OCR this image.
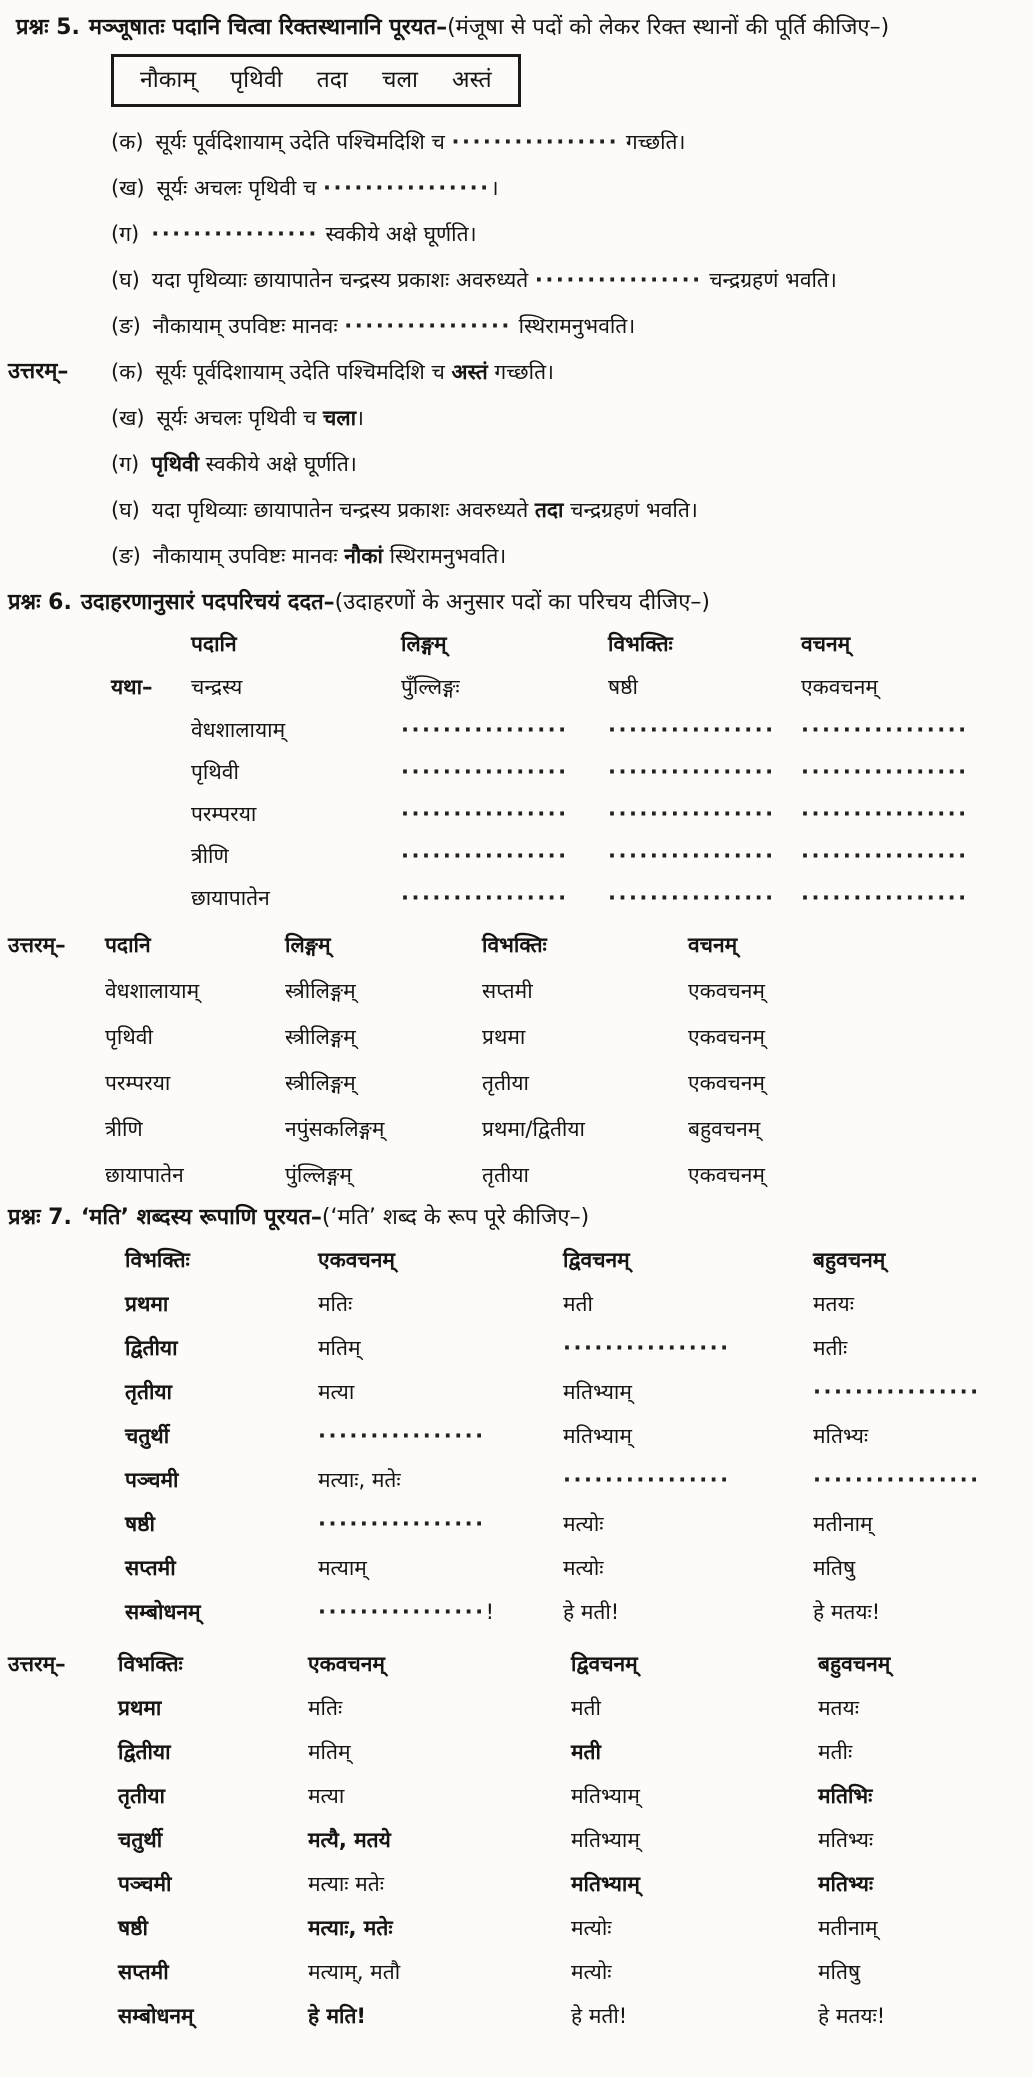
प्रश्नः 5. मञ्जूषातः पदानि चित्वा रिक्तस्थानानि पूरयत–(मंजूषा से पदों को लेकर रिक्त स्थानों की पूर्ति कीजिए–)
नौकाम् पृथिवी तदा चला अस्तं
(क) सूर्यः पूर्वदिशायाम् उदेति पश्चिमदिशि च ················ गच्छति।
(ख) सूर्यः अचलः पृथिवी च ················।
(ग) ················ स्वकीये अक्षे घूर्णति।
(घ) यदा पृथिव्याः छायापातेन चन्द्रस्य प्रकाशः अवरुध्यते ················ चन्द्रग्रहणं भवति।
(ङ) नौकायाम् उपविष्टः मानवः ················ स्थिरामनुभवति।
उत्तरम्– (क) सूर्यः पूर्वदिशायाम् उदेति पश्चिमदिशि च अस्तं गच्छति।
(ख) सूर्यः अचलः पृथिवी च चला।
(ग) पृथिवी स्वकीये अक्षे घूर्णति।
(घ) यदा पृथिव्याः छायापातेन चन्द्रस्य प्रकाशः अवरुध्यते तदा चन्द्रग्रहणं भवति।
(ङ) नौकायाम् उपविष्टः मानवः नौकां स्थिरामनुभवति।
प्रश्नः 6. उदाहरणानुसारं पदपरिचयं ददत–(उदाहरणों के अनुसार पदों का परिचय दीजिए–)
पदानि	लिङ्गम्	विभक्तिः	वचनम्
यथा–	चन्द्रस्य	पुँल्लिङ्गः	षष्ठी	एकवचनम्
वेधशालायाम्	················	················	················
पृथिवी	················	················	················
परम्परया	················	················	················
त्रीणि	················	················	················
छायापातेन	················	················	················
उत्तरम्–	पदानि	लिङ्गम्	विभक्तिः	वचनम्
वेधशालायाम्	स्त्रीलिङ्गम्	सप्तमी	एकवचनम्
पृथिवी	स्त्रीलिङ्गम्	प्रथमा	एकवचनम्
परम्परया	स्त्रीलिङ्गम्	तृतीया	एकवचनम्
त्रीणि	नपुंसकलिङ्गम्	प्रथमा/द्वितीया	बहुवचनम्
छायापातेन	पुंल्लिङ्गम्	तृतीया	एकवचनम्
प्रश्नः 7. ‘मति’ शब्दस्य रूपाणि पूरयत–(‘मति’ शब्द के रूप पूरे कीजिए–)
विभक्तिः	एकवचनम्	द्विवचनम्	बहुवचनम्
प्रथमा	मतिः	मती	मतयः
द्वितीया	मतिम्	················	मतीः
तृतीया	मत्या	मतिभ्याम्	················
चतुर्थी	················	मतिभ्याम्	मतिभ्यः
पञ्चमी	मत्याः, मतेः	················	················
षष्ठी	················	मत्योः	मतीनाम्
सप्तमी	मत्याम्	मत्योः	मतिषु
सम्बोधनम्	················!	हे मती!	हे मतयः!
उत्तरम्–	विभक्तिः	एकवचनम्	द्विवचनम्	बहुवचनम्
प्रथमा	मतिः	मती	मतयः
द्वितीया	मतिम्	मती	मतीः
तृतीया	मत्या	मतिभ्याम्	मतिभिः
चतुर्थी	मत्यै, मतये	मतिभ्याम्	मतिभ्यः
पञ्चमी	मत्याः मतेः	मतिभ्याम्	मतिभ्यः
षष्ठी	मत्याः, मतेः	मत्योः	मतीनाम्
सप्तमी	मत्याम्, मतौ	मत्योः	मतिषु
सम्बोधनम्	हे मति!	हे मती!	हे मतयः!
